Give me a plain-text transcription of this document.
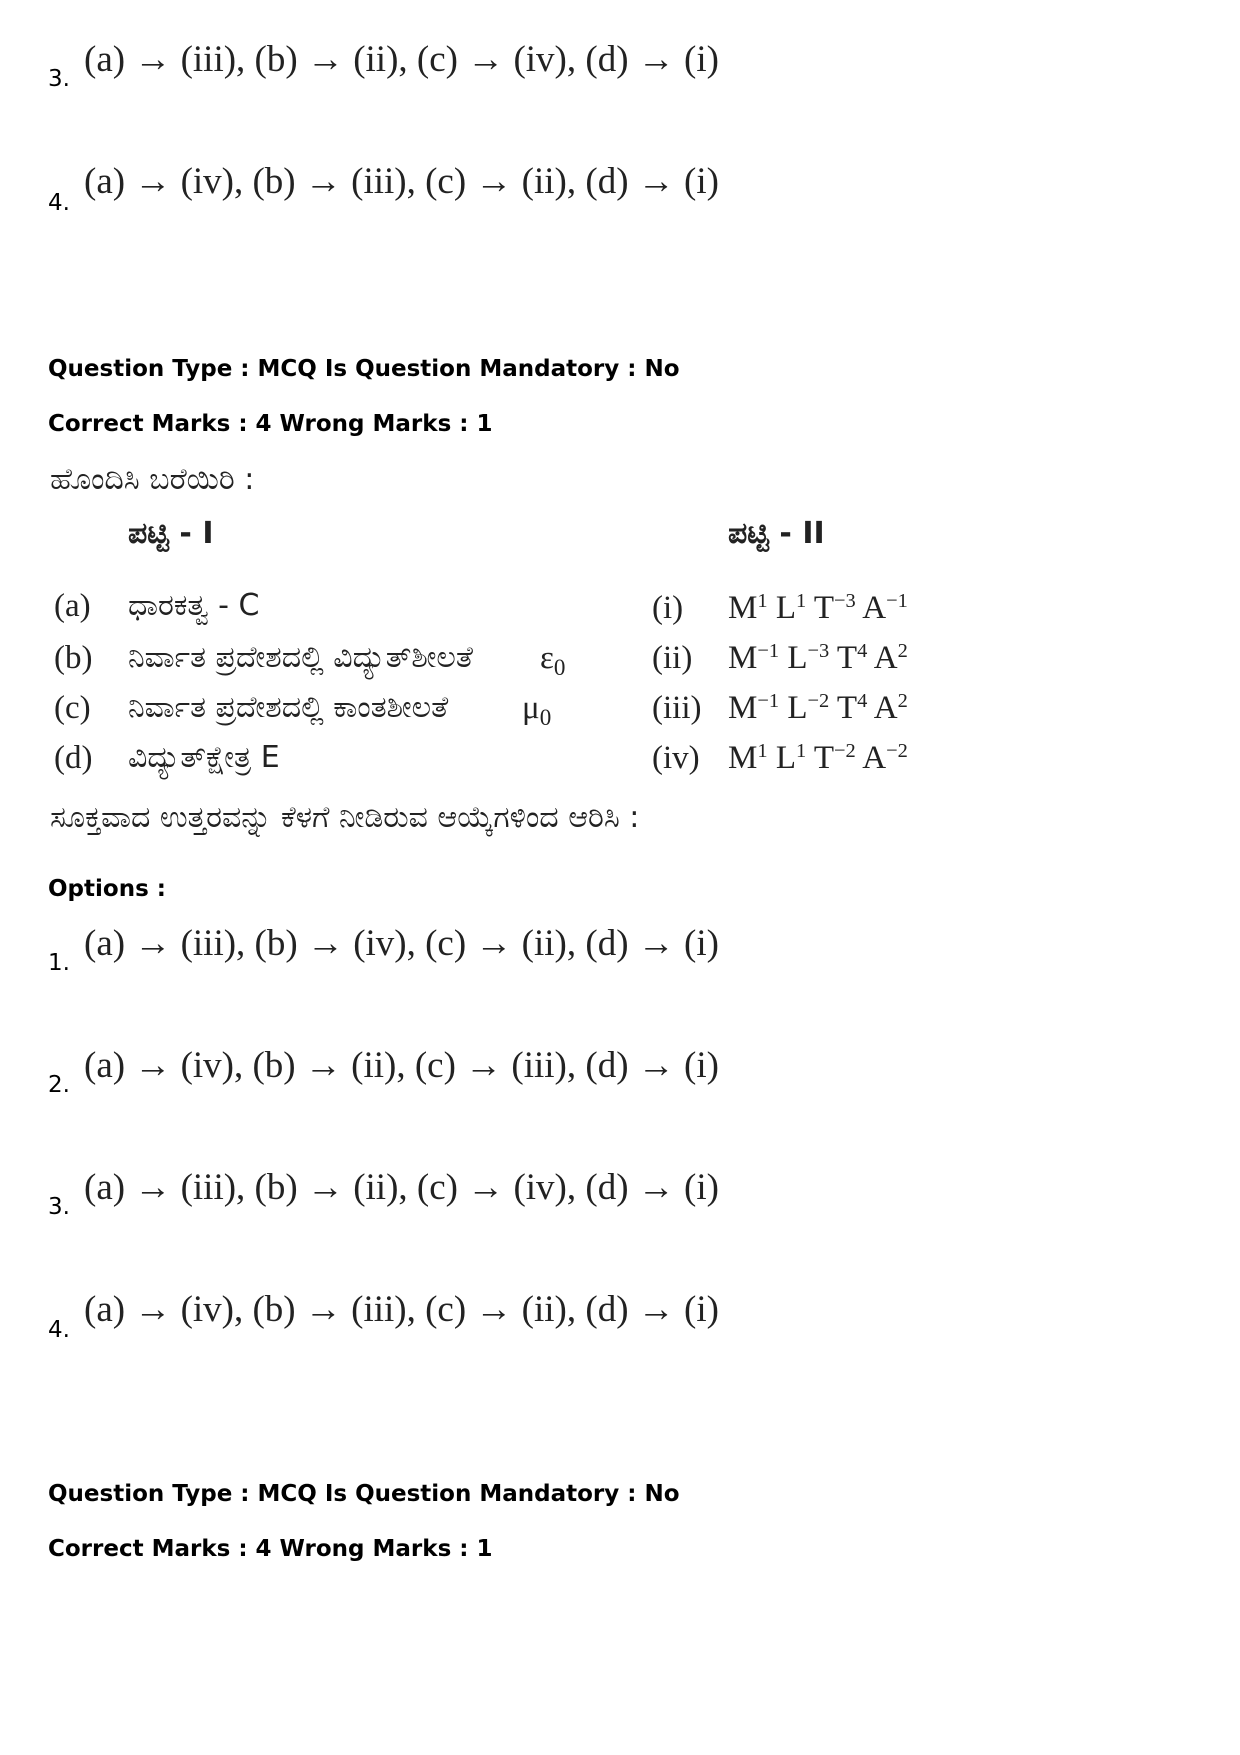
3. (a) → (iii), (b) → (ii), (c) → (iv), (d) → (i)
4.
(a) → (iv), (b) → (iii), (c) → (ii), (d) → (i)
Question Type : MCQ Is Question Mandatory : No
Correct Marks : 4 Wrong Marks : 1
ಹೊಂದಿಸಿ ಬರೆಯಿರಿ :
ಪಟ್ಟಿ - I	ಪಟ್ಟಿ - II
(a) ಧಾರಕತ್ವ - C
(b) ನಿರ್ವಾತ ಪ್ರದೇಶದಲ್ಲಿ ವಿದ್ಯುತ್‌ಶೀಲತೆ $\varepsilon_0$
(c) ನಿರ್ವಾತ ಪ್ರದೇಶದಲ್ಲಿ ಕಾಂತಶೀಲತೆ $\mu_0$
(d) ವಿದ್ಯುತ್‌ಕ್ಷೇತ್ರ E
(i) $M^1$ $L^1$ $T^{-3}$ $A^{-1}$
(ii) $M^{-1}$ $L^{-3}$ $T^4$ $A^2$
(iii) $M^{-1}$ $L^{-2}$ $T^4$ $A^2$
(iv) $M^1$ $L^1$ $T^{-2}$ $A^{-2}$
ಸೂಕ್ತವಾದ ಉತ್ತರವನ್ನು ಕೆಳಗೆ ನೀಡಿರುವ ಆಯ್ಕೆಗಳಿಂದ ಆರಿಸಿ :
Options :
1. (a) → (iii), (b) → (iv), (c) → (ii), (d) → (i)
2. (a) → (iv), (b) → (ii), (c) → (iii), (d) → (i)
3. (a) → (iii), (b) → (ii), (c) → (iv), (d) → (i)
4. (a) → (iv), (b) → (iii), (c) → (ii), (d) → (i)
Question Type : MCQ Is Question Mandatory : No
Correct Marks : 4 Wrong Marks : 1
